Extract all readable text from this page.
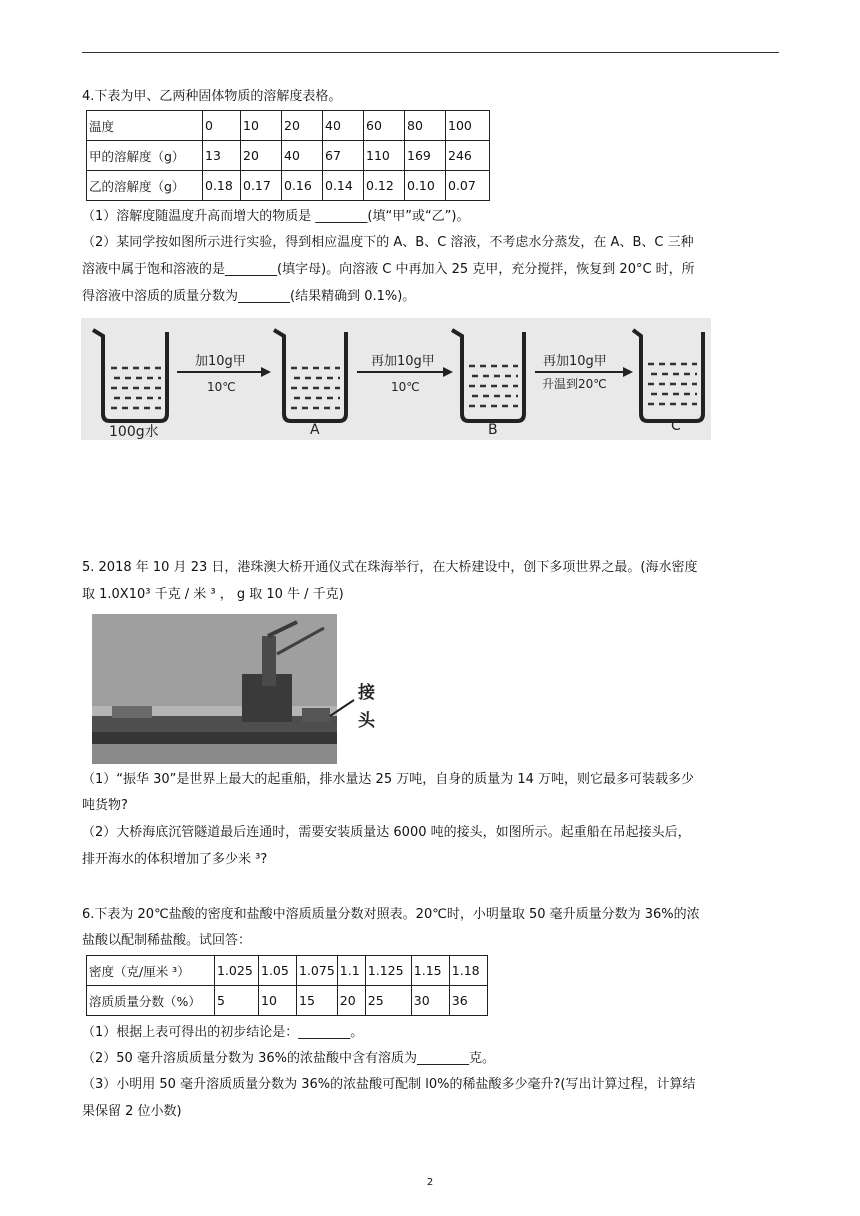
4.下表为甲、乙两种固体物质的溶解度表格。
温度	0	10	20	40	60	80	100
甲的溶解度（g）	13	20	40	67	110	169	246
乙的溶解度（g）	0.18	0.17	0.16	0.14	0.12	0.10	0.07
（1）溶解度随温度升高而增大的物质是 ________(填“甲”或“乙”)。
（2）某同学按如图所示进行实验，得到相应温度下的 A、B、C 溶液，不考虑水分蒸发，在 A、B、C 三种
溶液中属于饱和溶液的是________(填字母)。向溶液 C 中再加入 25 克甲，充分搅拌，恢复到 20°C 时，所
得溶液中溶质的质量分数为________(结果精确到 0.1%)。
100g水
加10g甲
10℃
A
再加10g甲
10℃
B
再加10g甲
升温到20℃
C
5. 2018 年 10 月 23 日，港珠澳大桥开通仪式在珠海举行，在大桥建设中，创下多项世界之最。(海水密度
取 1.0X10³ 千克 / 米 ³ ， g 取 10 牛 / 千克)
接 头
（1）“振华 30”是世界上最大的起重船，排水量达 25 万吨，自身的质量为 14 万吨，则它最多可装载多少
吨货物?
（2）大桥海底沉管隧道最后连通时，需要安装质量达 6000 吨的接头，如图所示。起重船在吊起接头后，
排开海水的体积增加了多少米 ³?
6.下表为 20℃盐酸的密度和盐酸中溶质质量分数对照表。20℃时，小明量取 50 毫升质量分数为 36%的浓
盐酸以配制稀盐酸。试回答：
密度（克/厘米 ³）	1.025	1.05	1.075	1.1	1.125	1.15	1.18
溶质质量分数（%）	5	10	15	20	25	30	36
（1）根据上表可得出的初步结论是：________。
（2）50 毫升溶质质量分数为 36%的浓盐酸中含有溶质为________克。
（3）小明用 50 毫升溶质质量分数为 36%的浓盐酸可配制 l0%的稀盐酸多少毫升?(写出计算过程，计算结
果保留 2 位小数)
2
